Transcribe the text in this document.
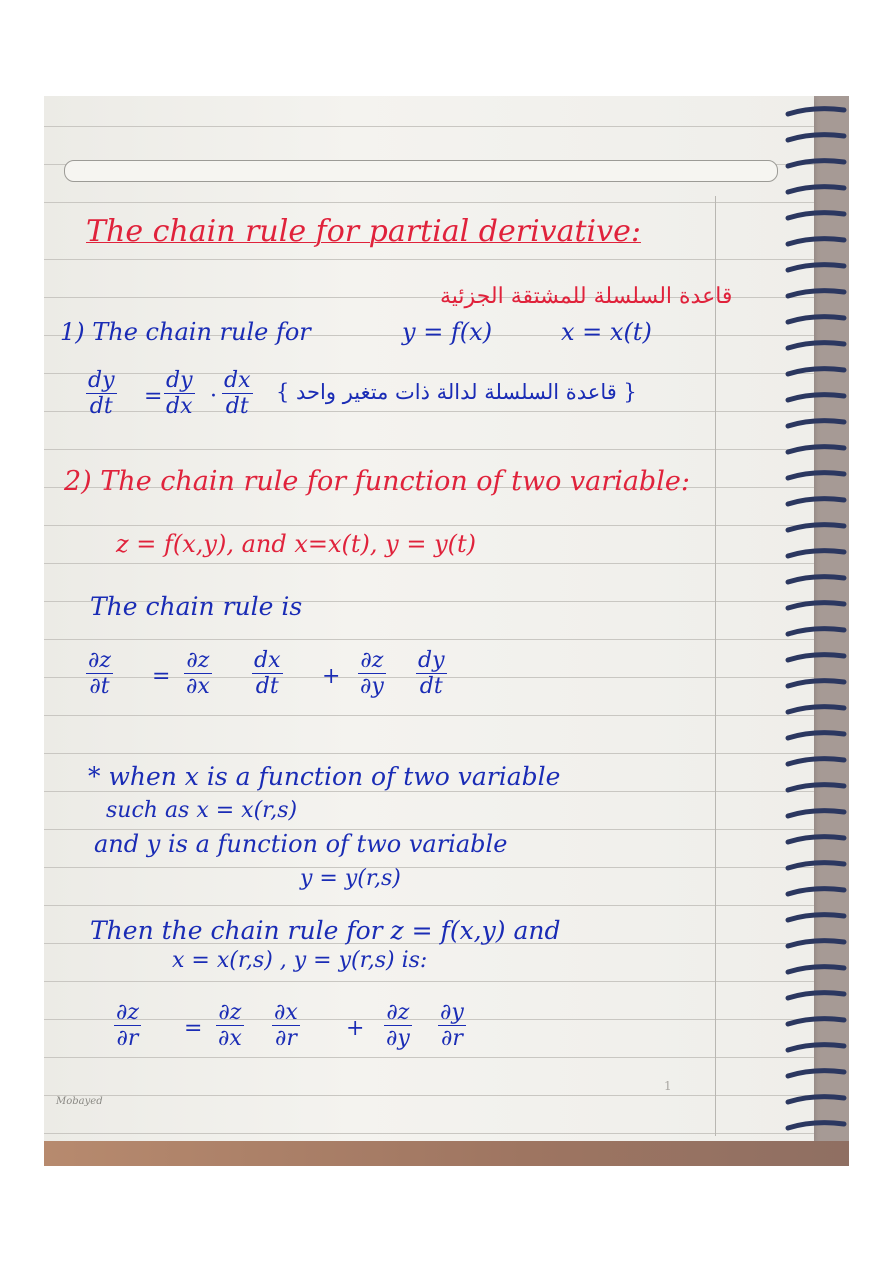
The chain rule for partial derivative:
قاعدة السلسلة للمشتقة الجزئية
1) The chain rule for	y = f(x)	x = x(t)
$\frac{dy}{dt} = \frac{dy}{dx} \cdot \frac{dx}{dt}$ { قاعدة السلسلة لدالة ذات متغير واحد }
2) The chain rule for function of two variable:
z = f(x,y), and x=x(t), y = y(t)
The chain rule is
$\frac{\partial z}{\partial t} = \frac{\partial z}{\partial x} \frac{dx}{dt} + \frac{\partial z}{\partial y} \frac{dy}{dt}$
* when x is a function of two variable
such as x = x(r,s)
and y is a function of two variable
y = y(r,s)
Then the chain rule for z = f(x,y) and
x = x(r,s) , y = y(r,s) is:
$\frac{\partial z}{\partial r} = \frac{\partial z}{\partial x} \frac{\partial x}{\partial r} + \frac{\partial z}{\partial y} \frac{\partial y}{\partial r}$
1
Mobayed
